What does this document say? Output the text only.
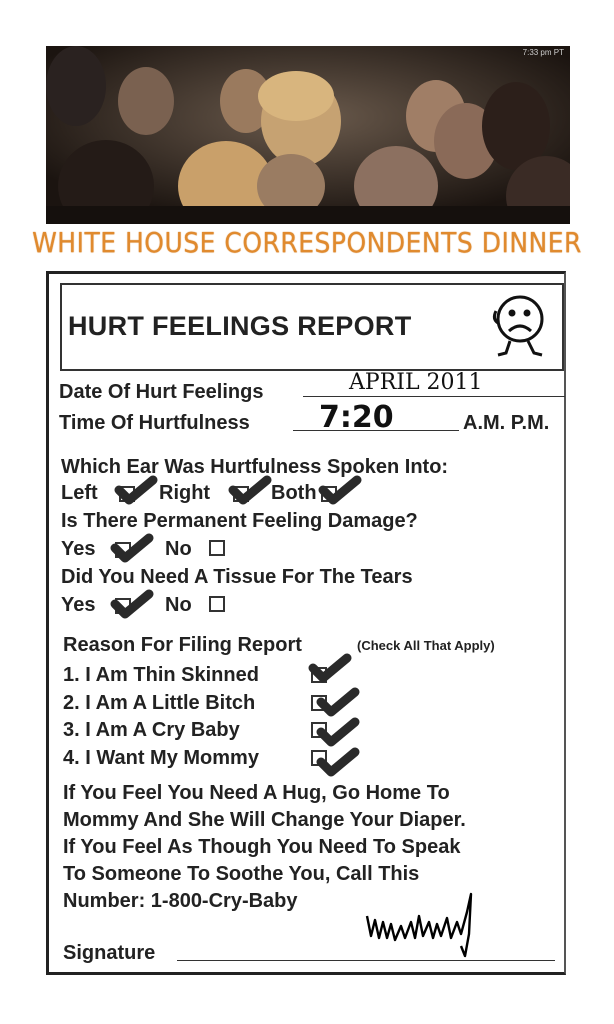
7:33 pm PT
WHITE HOUSE CORRESPONDENTS DINNER
HURT FEELINGS REPORT
Date Of Hurt Feelings	APRIL 2011
Time Of Hurtfulness 7:20	A.M. P.M.
Which Ear Was Hurtfulness Spoken Into:
Left	Right	Both
Is There Permanent Feeling Damage?
Yes	No
Did You Need A Tissue For The Tears
Yes	No
Reason For Filing Report	(Check All That Apply)
1. I Am Thin Skinned
2. I Am A Little Bitch
3. I Am A Cry Baby
4. I Want My Mommy
If You Feel You Need A Hug, Go Home To
Mommy And She Will Change Your Diaper.
If You Feel As Though You Need To Speak
To Someone To Soothe You, Call This
Number: 1-800-Cry-Baby
Signature
